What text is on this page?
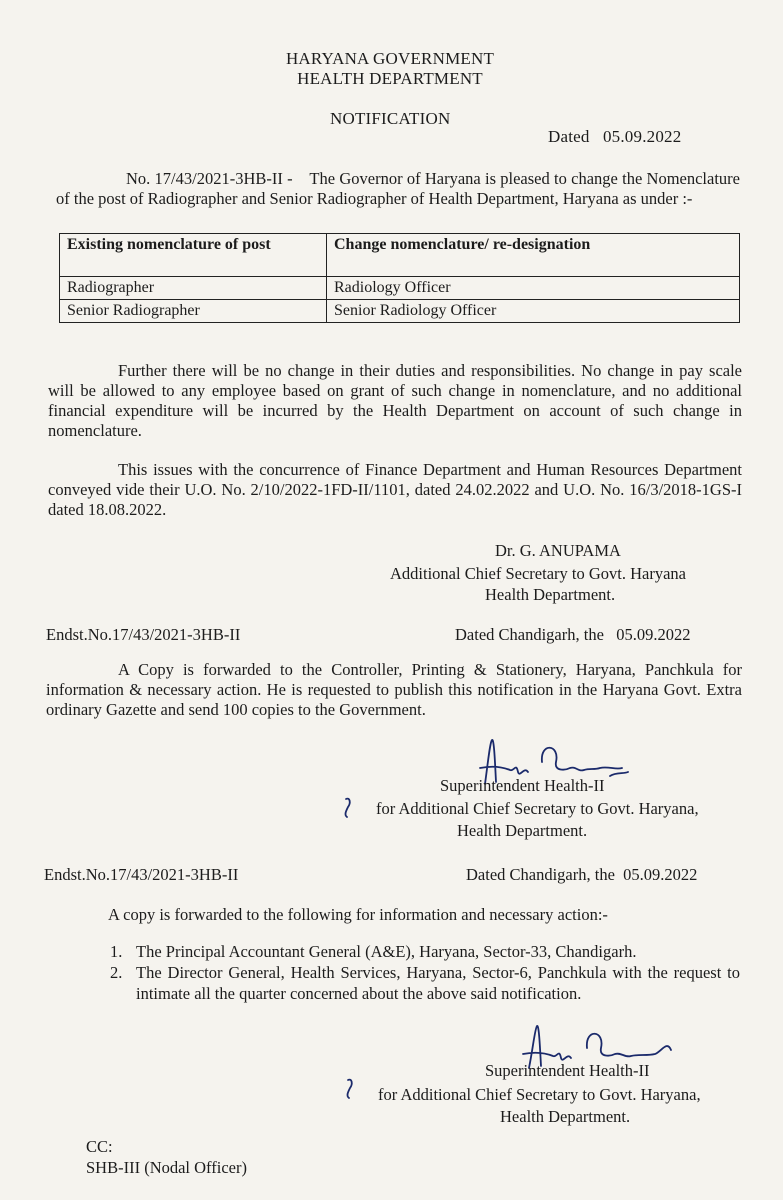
HARYANA GOVERNMENT
HEALTH DEPARTMENT
NOTIFICATION
Dated   05.09.2022
No. 17/43/2021-3HB-II - The Governor of Haryana is pleased to change the Nomenclature of the post of Radiographer and Senior Radiographer of Health Department, Haryana as under :-
Existing nomenclature of post	Change nomenclature/ re-designation
Radiographer	Radiology Officer
Senior Radiographer	Senior Radiology Officer
Further there will be no change in their duties and responsibilities. No change in pay scale will be allowed to any employee based on grant of such change in nomenclature, and no additional financial expenditure will be incurred by the Health Department on account of such change in nomenclature.
This issues with the concurrence of Finance Department and Human Resources Department conveyed vide their U.O. No. 2/10/2022-1FD-II/1101, dated 24.02.2022 and U.O. No. 16/3/2018-1GS-I dated 18.08.2022.
Dr. G. ANUPAMA
Additional Chief Secretary to Govt. Haryana
Health Department.
Endst.No.17/43/2021-3HB-II	Dated Chandigarh, the   05.09.2022
A Copy is forwarded to the Controller, Printing & Stationery, Haryana, Panchkula for information & necessary action. He is requested to publish this notification in the Haryana Govt. Extra ordinary Gazette and send 100 copies to the Government.
Superintendent Health-II
for Additional Chief Secretary to Govt. Haryana,
Health Department.
Endst.No.17/43/2021-3HB-II	Dated Chandigarh, the  05.09.2022
A copy is forwarded to the following for information and necessary action:-
1. The Principal Accountant General (A&E), Haryana, Sector-33, Chandigarh.
2. The Director General, Health Services, Haryana, Sector-6, Panchkula with the request to intimate all the quarter concerned about the above said notification.
Superintendent Health-II
for Additional Chief Secretary to Govt. Haryana,
Health Department.
CC:
SHB-III (Nodal Officer)
